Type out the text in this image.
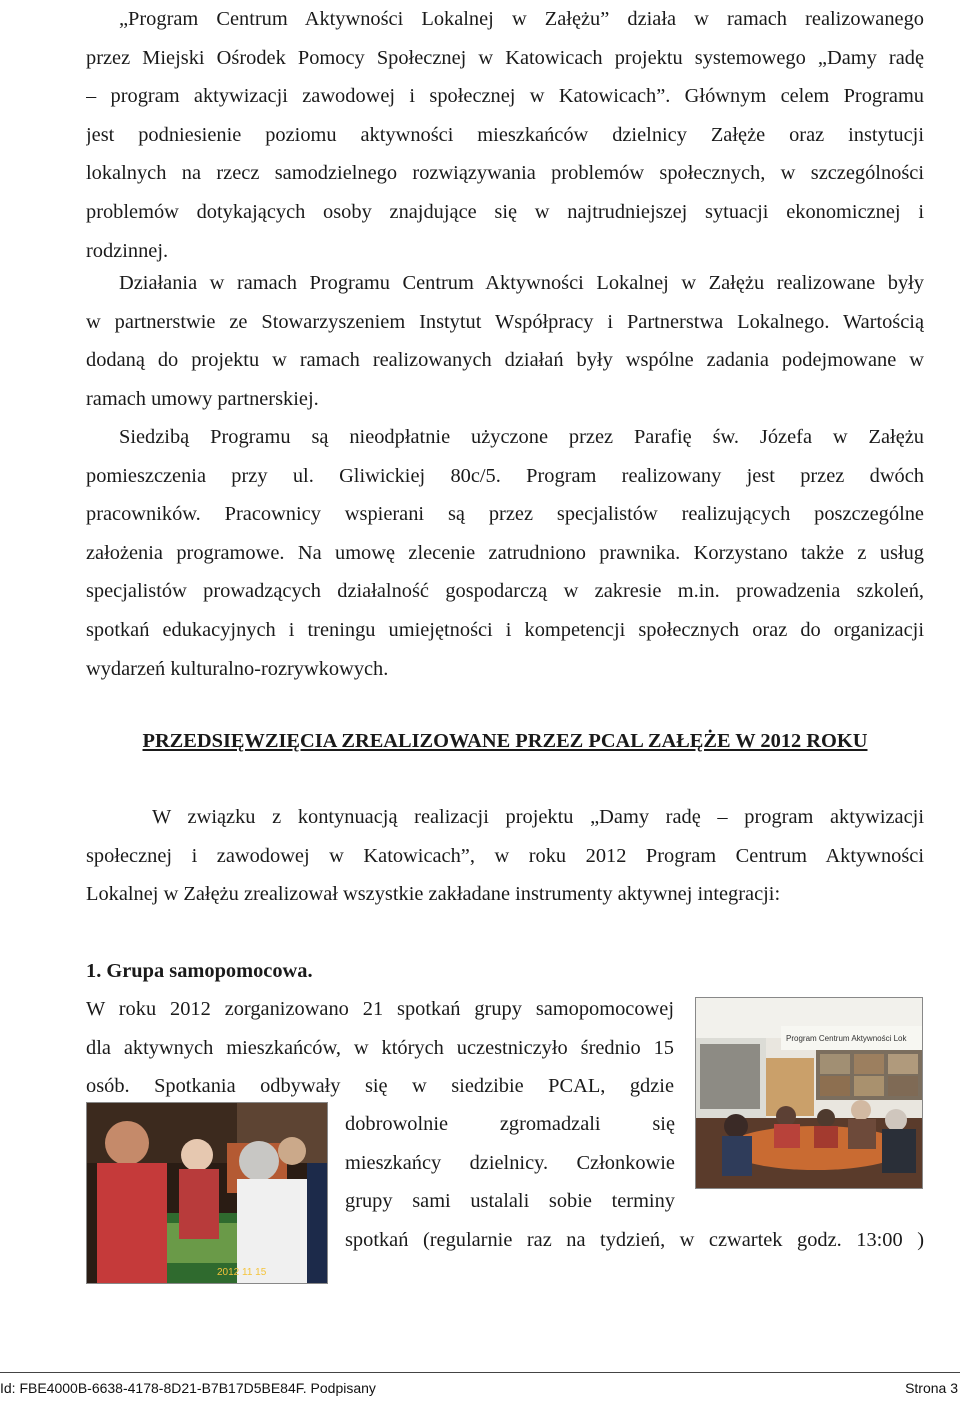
„Program Centrum Aktywności Lokalnej w Załężu” działa w ramach realizowanego
przez Miejski Ośrodek Pomocy Społecznej w Katowicach projektu systemowego „Damy radę
– program aktywizacji zawodowej i społecznej w Katowicach”. Głównym celem Programu
jest podniesienie poziomu aktywności mieszkańców dzielnicy Załęże oraz instytucji
lokalnych na rzecz samodzielnego rozwiązywania problemów społecznych, w szczególności
problemów dotykających osoby znajdujące się w najtrudniejszej sytuacji ekonomicznej i
rodzinnej.
Działania w ramach Programu Centrum Aktywności Lokalnej w Załężu realizowane były
w partnerstwie ze Stowarzyszeniem Instytut Współpracy i Partnerstwa Lokalnego. Wartością
dodaną do projektu w ramach realizowanych działań były wspólne zadania podejmowane w
ramach umowy partnerskiej.
Siedzibą Programu są nieodpłatnie użyczone przez Parafię św. Józefa w Załężu
pomieszczenia przy ul. Gliwickiej 80c/5. Program realizowany jest przez dwóch
pracowników. Pracownicy wspierani są przez specjalistów realizujących poszczególne
założenia programowe. Na umowę zlecenie zatrudniono prawnika. Korzystano także z usług
specjalistów prowadzących działalność gospodarczą w zakresie m.in. prowadzenia szkoleń,
spotkań edukacyjnych i treningu umiejętności i kompetencji społecznych oraz do organizacji
wydarzeń kulturalno-rozrywkowych.
PRZEDSIĘWZIĘCIA ZREALIZOWANE PRZEZ PCAL ZAŁĘŻE W 2012 ROKU
W związku z kontynuacją realizacji projektu „Damy radę – program aktywizacji
społecznej i zawodowej w Katowicach”, w roku 2012 Program Centrum Aktywności
Lokalnej w Załężu zrealizował wszystkie zakładane instrumenty aktywnej integracji:
1. Grupa samopomocowa.
W roku 2012 zorganizowano 21 spotkań grupy samopomocowej
dla aktywnych mieszkańców, w których uczestniczyło średnio 15
osób. Spotkania odbywały się w siedzibie PCAL, gdzie
dobrowolnie zgromadzali się
mieszkańcy dzielnicy. Członkowie
grupy sami ustalali sobie terminy
spotkań (regularnie raz na tydzień, w czwartek godz. 13:00 )
Program Centrum Aktywności Lok
2012 11 15
Id: FBE4000B-6638-4178-8D21-B7B17D5BE84F. Podpisany	Strona 3
